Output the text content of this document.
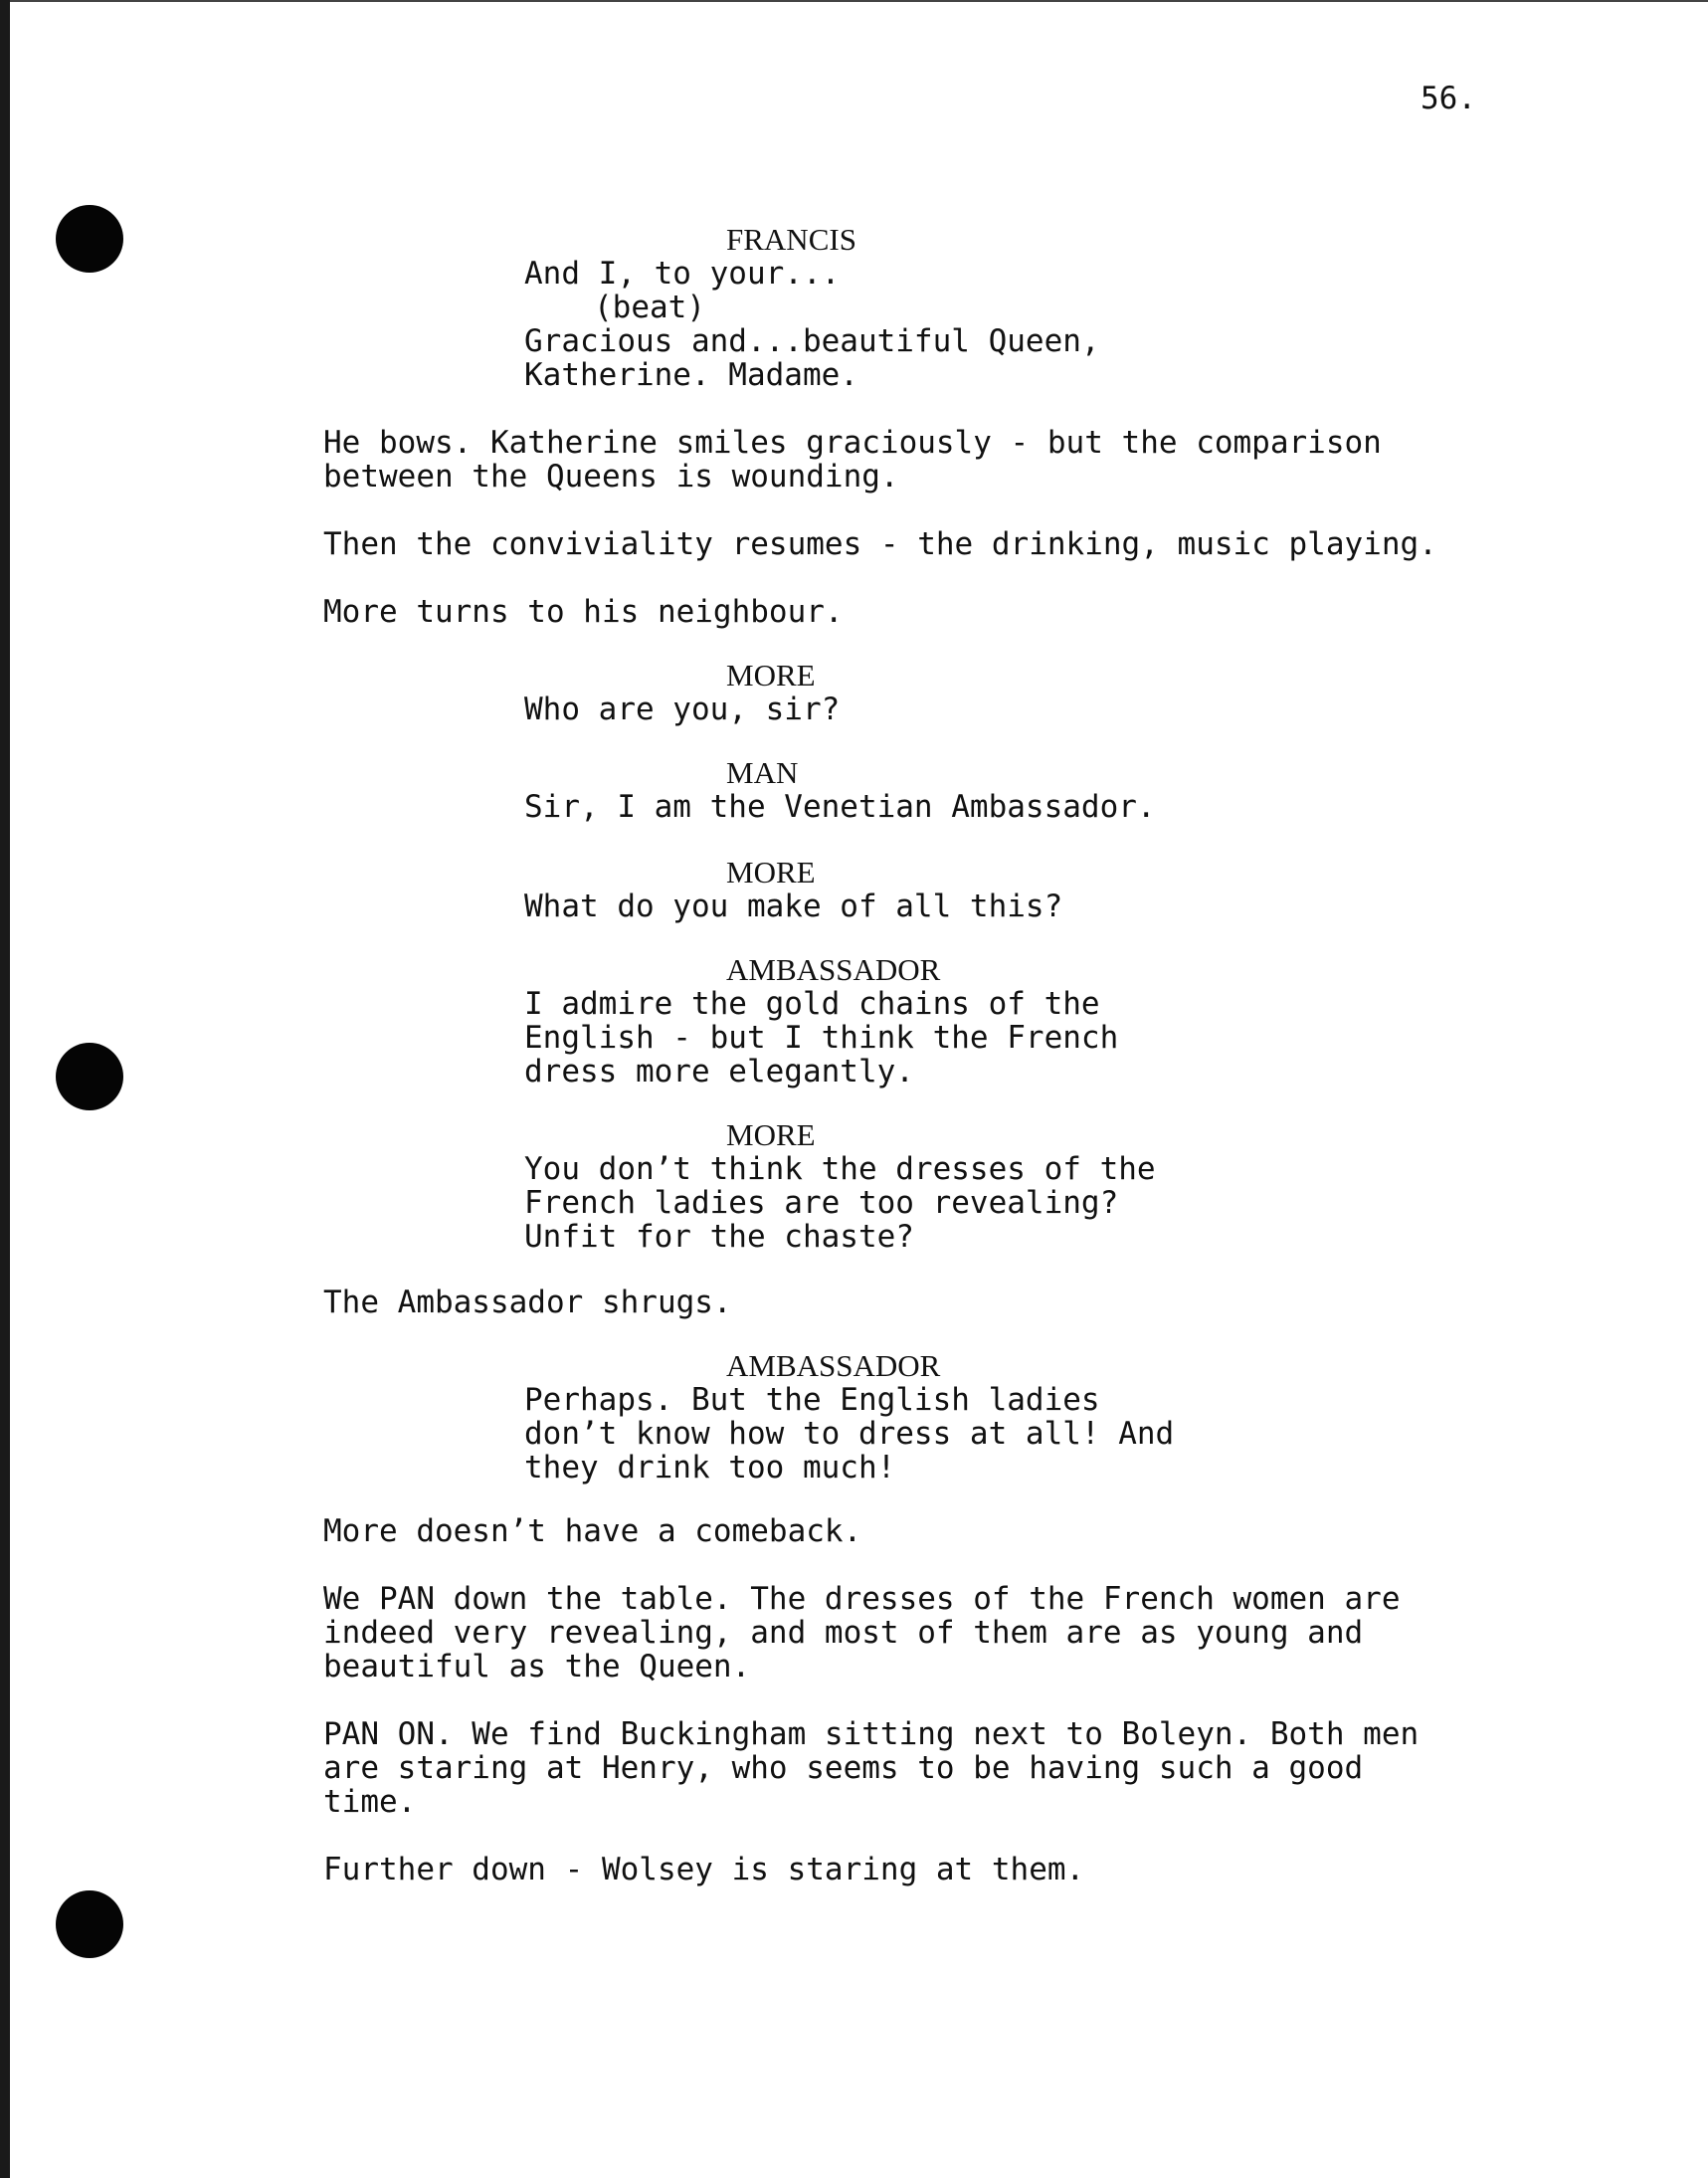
56.
FRANCIS
And I, to your...
(beat)
Gracious and...beautiful Queen,
Katherine. Madame.
He bows. Katherine smiles graciously - but the comparison
between the Queens is wounding.
Then the conviviality resumes - the drinking, music playing.
More turns to his neighbour.
MORE
Who are you, sir?
MAN
Sir, I am the Venetian Ambassador.
MORE
What do you make of all this?
AMBASSADOR
I admire the gold chains of the
English - but I think the French
dress more elegantly.
MORE
You don’t think the dresses of the
French ladies are too revealing?
Unfit for the chaste?
The Ambassador shrugs.
AMBASSADOR
Perhaps. But the English ladies
don’t know how to dress at all! And
they drink too much!
More doesn’t have a comeback.
We PAN down the table. The dresses of the French women are
indeed very revealing, and most of them are as young and
beautiful as the Queen.
PAN ON. We find Buckingham sitting next to Boleyn. Both men
are staring at Henry, who seems to be having such a good
time.
Further down - Wolsey is staring at them.
